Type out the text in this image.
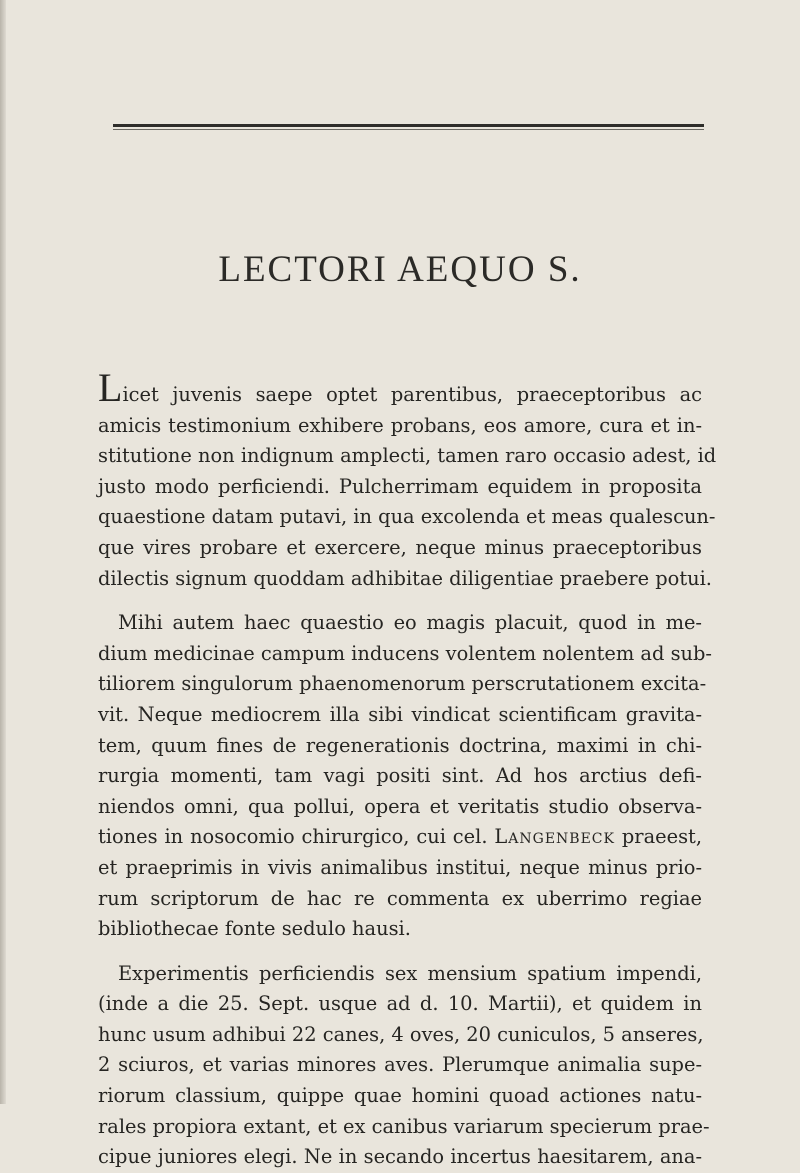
LECTORI AEQUO S.

Licet juvenis saepe optet parentibus, praeceptoribus ac
amicis testimonium exhibere probans, eos amore, cura et in-
stitutione non indignum amplecti, tamen raro occasio adest, id
justo modo perficiendi. Pulcherrimam equidem in proposita
quaestione datam putavi, in qua excolenda et meas qualescun-
que vires probare et exercere, neque minus praeceptoribus
dilectis signum quoddam adhibitae diligentiae praebere potui.

Mihi autem haec quaestio eo magis placuit, quod in me-
dium medicinae campum inducens volentem nolentem ad sub-
tiliorem singulorum phaenomenorum perscrutationem excita-
vit. Neque mediocrem illa sibi vindicat scientificam gravita-
tem, quum fines de regenerationis doctrina, maximi in chi-
rurgia momenti, tam vagi positi sint. Ad hos arctius defi-
niendos omni, qua pollui, opera et veritatis studio observa-
tiones in nosocomio chirurgico, cui cel. Langenbeck praeest,
et praeprimis in vivis animalibus institui, neque minus prio-
rum scriptorum de hac re commenta ex uberrimo regiae
bibliothecae fonte sedulo hausi.

Experimentis perficiendis sex mensium spatium impendi,
(inde a die 25. Sept. usque ad d. 10. Martii), et quidem in
hunc usum adhibui 22 canes, 4 oves, 20 cuniculos, 5 anseres,
2 sciuros, et varias minores aves. Plerumque animalia supe-
riorum classium, quippe quae homini quoad actiones natu-
rales propiora extant, et ex canibus variarum specierum prae-
cipue juniores elegi. Ne in secando incertus haesitarem, ana-
